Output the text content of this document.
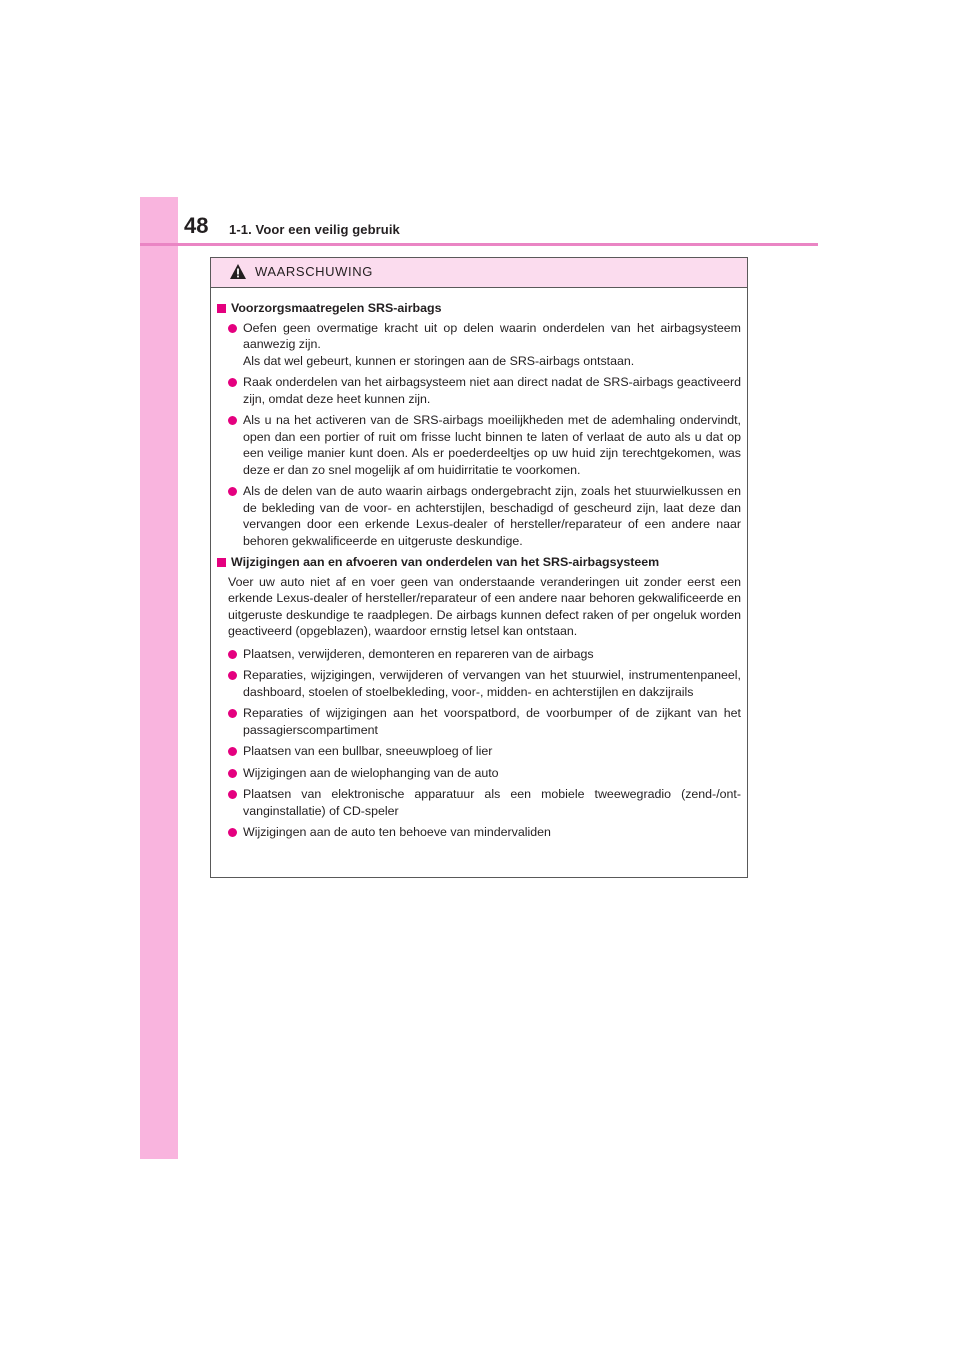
48 1-1. Voor een veilig gebruik
WAARSCHUWING
Voorzorgsmaatregelen SRS-airbags
Oefen geen overmatige kracht uit op delen waarin onderdelen van het airbagsysteem aanwezig zijn.
Als dat wel gebeurt, kunnen er storingen aan de SRS-airbags ontstaan.
Raak onderdelen van het airbagsysteem niet aan direct nadat de SRS-airbags geactiveerd zijn, omdat deze heet kunnen zijn.
Als u na het activeren van de SRS-airbags moeilijkheden met de ademhaling ondervindt, open dan een portier of ruit om frisse lucht binnen te laten of verlaat de auto als u dat op een veilige manier kunt doen. Als er poederdeeltjes op uw huid zijn terechtgekomen, was deze er dan zo snel mogelijk af om huidirritatie te voorkomen.
Als de delen van de auto waarin airbags ondergebracht zijn, zoals het stuurwielkussen en de bekleding van de voor- en achterstijlen, beschadigd of gescheurd zijn, laat deze dan vervangen door een erkende Lexus-dealer of hersteller/reparateur of een andere naar behoren gekwalificeerde en uitgeruste deskundige.
Wijzigingen aan en afvoeren van onderdelen van het SRS-airbagsysteem
Voer uw auto niet af en voer geen van onderstaande veranderingen uit zonder eerst een erkende Lexus-dealer of hersteller/reparateur of een andere naar behoren gekwalificeerde en uitgeruste deskundige te raadplegen. De airbags kunnen defect raken of per ongeluk worden geactiveerd (opgeblazen), waardoor ernstig letsel kan ontstaan.
Plaatsen, verwijderen, demonteren en repareren van de airbags
Reparaties, wijzigingen, verwijderen of vervangen van het stuurwiel, instrumentenpaneel, dashboard, stoelen of stoelbekleding, voor-, midden- en achterstijlen en dakzijrails
Reparaties of wijzigingen aan het voorspatbord, de voorbumper of de zijkant van het passagierscompartiment
Plaatsen van een bullbar, sneeuwploeg of lier
Wijzigingen aan de wielophanging van de auto
Plaatsen van elektronische apparatuur als een mobiele tweewegradio (zend-/ontvanginstallatie) of CD-speler
Wijzigingen aan de auto ten behoeve van mindervaliden
